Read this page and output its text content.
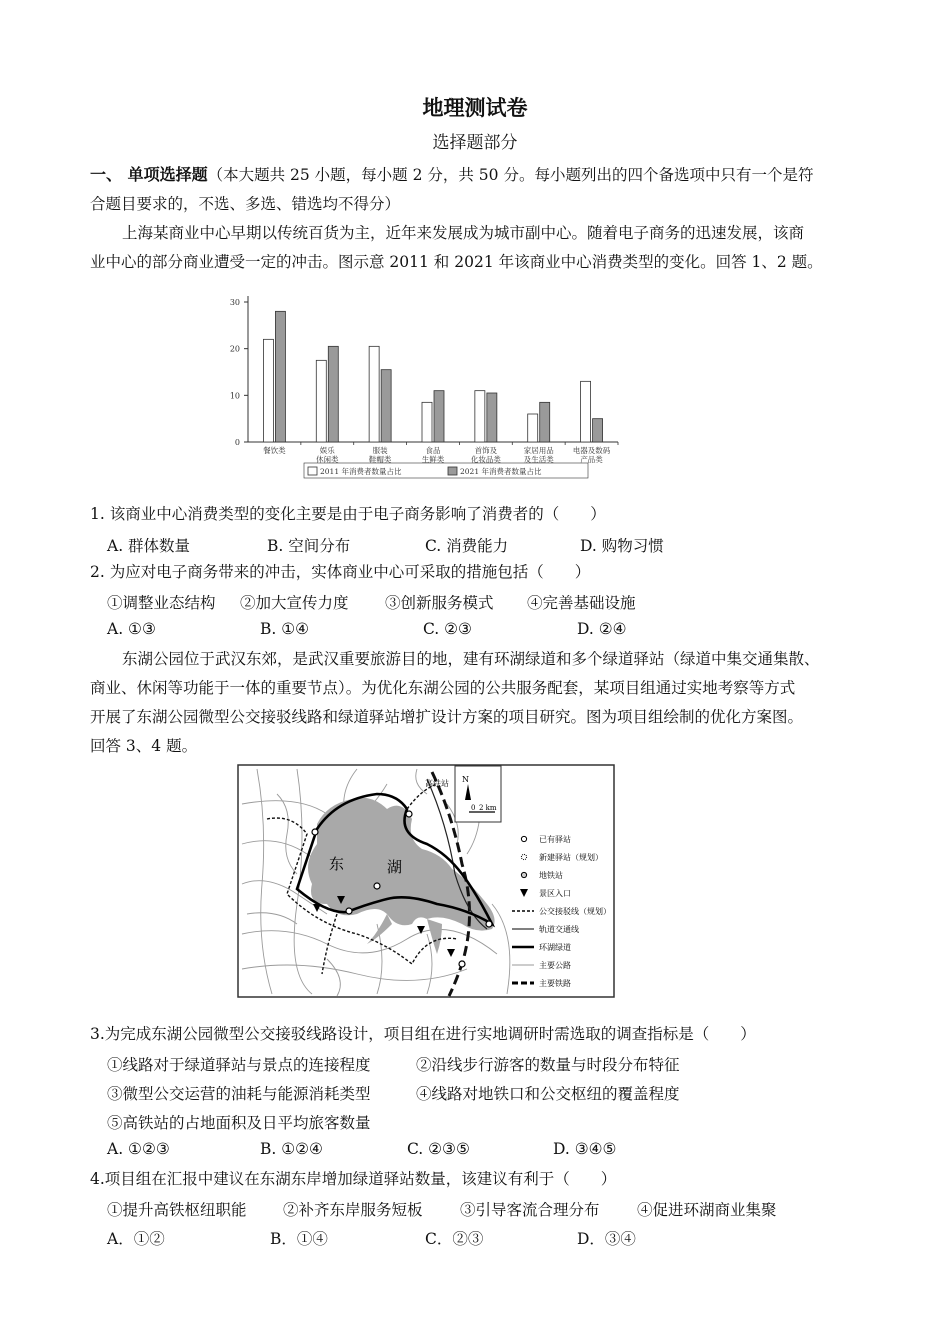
地理测试卷
选择题部分
一、 单项选择题（本大题共 25 小题，每小题 2 分，共 50 分。每小题列出的四个备选项中只有一个是符
合题目要求的，不选、多选、错选均不得分）
上海某商业中心早期以传统百货为主，近年来发展成为城市副中心。随着电子商务的迅速发展，该商
业中心的部分商业遭受一定的冲击。图示意 2011 和 2021 年该商业中心消费类型的变化。回答 1、2 题。
0
10
20
30
餐饮类	娱乐
休闲类
服装
鞋帽类
食品
生鲜类
首饰及
化妆品类
家居用品
及生活类
电器及数码
产品类
2011 年消费者数量占比	2021 年消费者数量占比
1. 该商业中心消费类型的变化主要是由于电子商务影响了消费者的（　　）
A. 群体数量	B. 空间分布	C. 消费能力	D. 购物习惯
2. 为应对电子商务带来的冲击，实体商业中心可采取的措施包括（　　）
①调整业态结构 ②加大宣传力度 ③创新服务模式 ④完善基础设施
A. ①③	B. ①④	C. ②③	D. ②④
东湖公园位于武汉东郊，是武汉重要旅游目的地，建有环湖绿道和多个绿道驿站（绿道中集交通集散、
商业、休闲等功能于一体的重要节点）。为优化东湖公园的公共服务配套，某项目组通过实地考察等方式
开展了东湖公园微型公交接驳线路和绿道驿站增扩设计方案的项目研究。图为项目组绘制的优化方案图。
回答 3、4 题。
东	湖
高铁站 N
0 2 km
已有驿站
新建驿站（规划）
地铁站
景区入口
公交接驳线（规划）
轨道交通线
环湖绿道
主要公路
主要铁路
3.为完成东湖公园微型公交接驳线路设计，项目组在进行实地调研时需选取的调查指标是（　　）
①线路对于绿道驿站与景点的连接程度	②沿线步行游客的数量与时段分布特征
③微型公交运营的油耗与能源消耗类型	④线路对地铁口和公交枢纽的覆盖程度
⑤高铁站的占地面积及日平均旅客数量
A. ①②③	B. ①②④	C. ②③⑤	D. ③④⑤
4.项目组在汇报中建议在东湖东岸增加绿道驿站数量，该建议有利于（　　）
①提升高铁枢纽职能 ②补齐东岸服务短板 ③引导客流合理分布 ④促进环湖商业集聚
A．①②	B．①④	C．②③	D．③④
